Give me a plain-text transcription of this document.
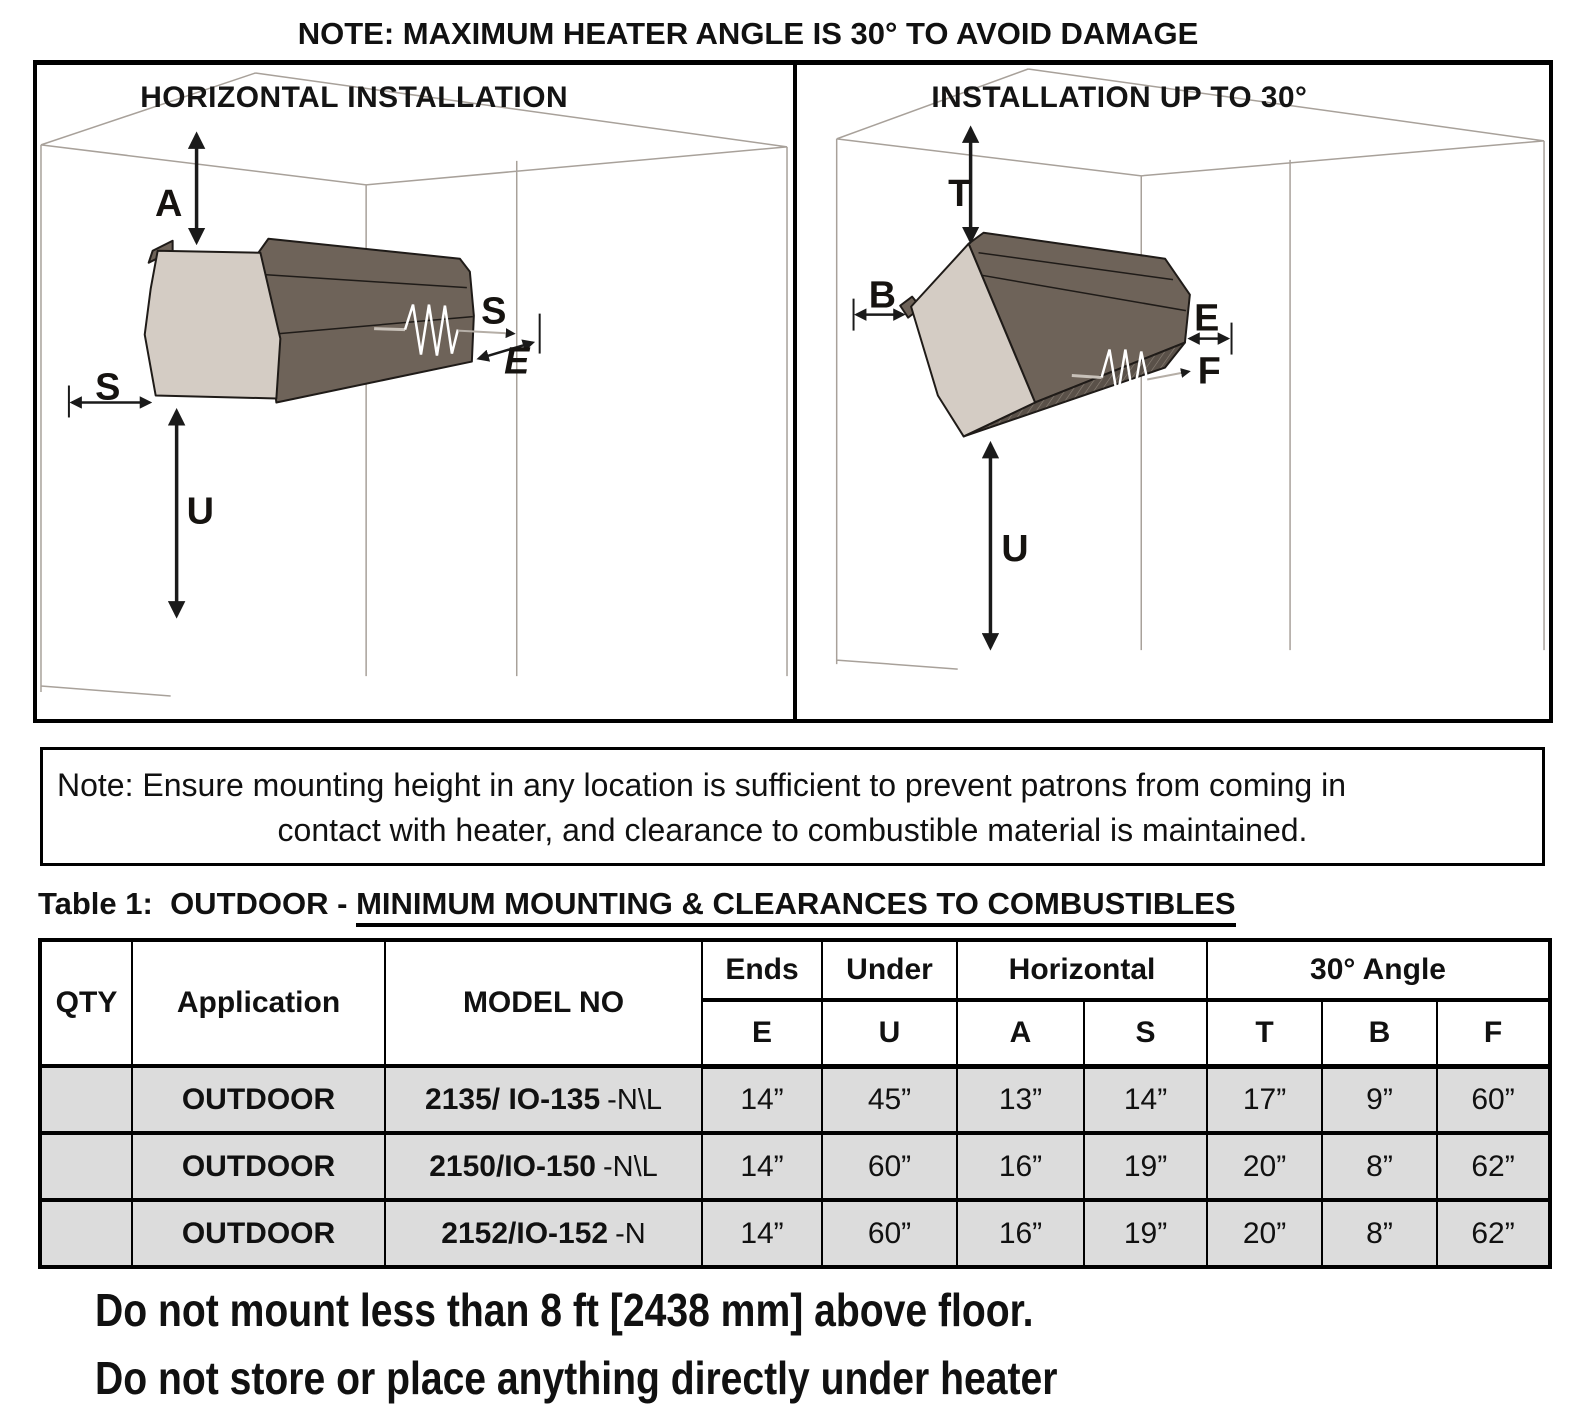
NOTE: MAXIMUM HEATER ANGLE IS 30° TO AVOID DAMAGE
HORIZONTAL INSTALLATION
A
S
E
S
U
INSTALLATION UP TO 30°
T
B
E
F
U
Note: Ensure mounting height in any location is sufficient to prevent patrons from coming in
contact with heater, and clearance to combustible material is maintained.
Table 1:  OUTDOOR - MINIMUM MOUNTING & CLEARANCES TO COMBUSTIBLES
QTY	Application	MODEL NO	Ends	Under	Horizontal		30° Angle		
			E	U	A	S	T	B	F
	OUTDOOR	2135/ IO-135 -N\L	14”	45”	13”	14”	17”	9”	60”
	OUTDOOR	2150/IO-150 -N\L	14”	60”	16”	19”	20”	8”	62”
	OUTDOOR	2152/IO-152 -N	14”	60”	16”	19”	20”	8”	62”
Do not mount less than 8 ft [2438 mm] above floor.
Do not store or place anything directly under heater
